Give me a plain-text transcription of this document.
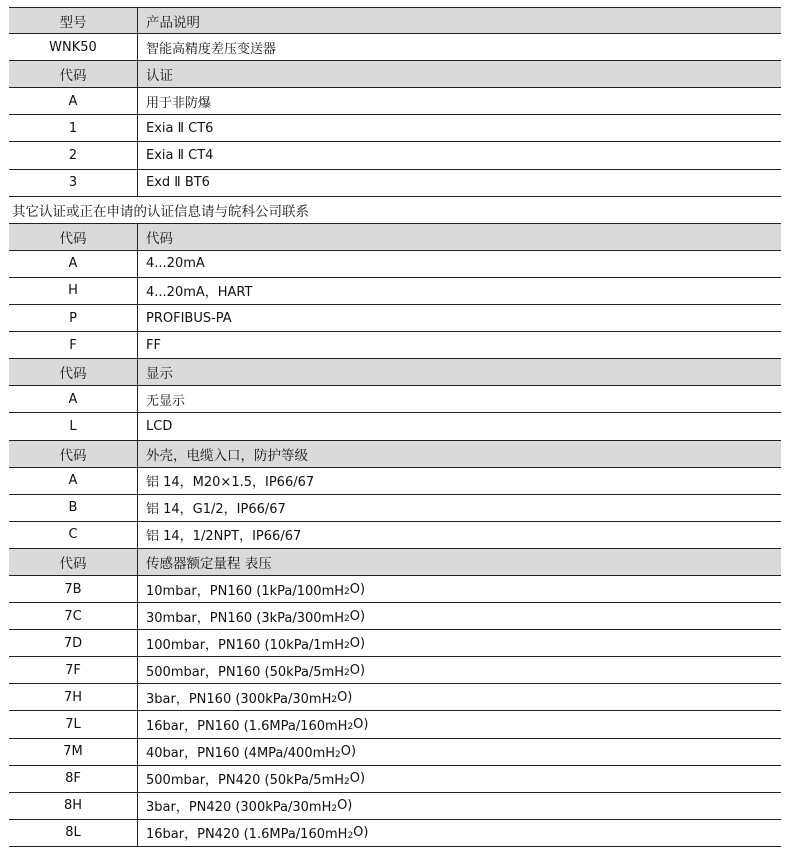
型号	产品说明
WNK50	智能高精度差压变送器
代码	认证
A	用于非防爆
1	Exia Ⅱ CT6
2	Exia Ⅱ CT4
3	Exd Ⅱ BT6
其它认证或正在申请的认证信息请与皖科公司联系
代码	代码
A	4...20mA
H	4...20mA，HART
P	PROFIBUS-PA
F	FF
代码	显示
A	无显示
L	LCD
代码	外壳，电缆入口，防护等级
A	铝 14，M20×1.5，IP66/67
B	铝 14，G1/2，IP66/67
C	铝 14，1/2NPT，IP66/67
代码	传感器额定量程 表压
7B	10mbar，PN160 (1kPa/100mH 2 O)
7C	30mbar，PN160 (3kPa/300mH 2 O)
7D	100mbar，PN160 (10kPa/1mH 2 O)
7F	500mbar，PN160 (50kPa/5mH 2 O)
7H	3bar，PN160 (300kPa/30mH 2 O)
7L	16bar，PN160 (1.6MPa/160mH 2 O)
7M	40bar，PN160 (4MPa/400mH 2 O)
8F	500mbar，PN420 (50kPa/5mH 2 O)
8H	3bar，PN420 (300kPa/30mH 2 O)
8L	16bar，PN420 (1.6MPa/160mH 2 O)
